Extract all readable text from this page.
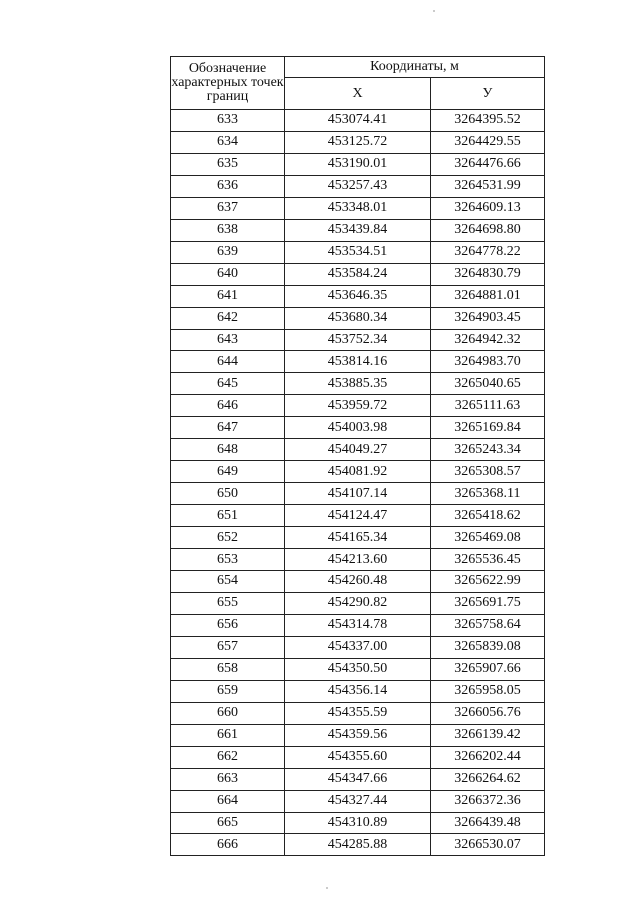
Обозначение характерных точек границ	Координаты, м	
	X	У
633	453074.41	3264395.52
634	453125.72	3264429.55
635	453190.01	3264476.66
636	453257.43	3264531.99
637	453348.01	3264609.13
638	453439.84	3264698.80
639	453534.51	3264778.22
640	453584.24	3264830.79
641	453646.35	3264881.01
642	453680.34	3264903.45
643	453752.34	3264942.32
644	453814.16	3264983.70
645	453885.35	3265040.65
646	453959.72	3265111.63
647	454003.98	3265169.84
648	454049.27	3265243.34
649	454081.92	3265308.57
650	454107.14	3265368.11
651	454124.47	3265418.62
652	454165.34	3265469.08
653	454213.60	3265536.45
654	454260.48	3265622.99
655	454290.82	3265691.75
656	454314.78	3265758.64
657	454337.00	3265839.08
658	454350.50	3265907.66
659	454356.14	3265958.05
660	454355.59	3266056.76
661	454359.56	3266139.42
662	454355.60	3266202.44
663	454347.66	3266264.62
664	454327.44	3266372.36
665	454310.89	3266439.48
666	454285.88	3266530.07
